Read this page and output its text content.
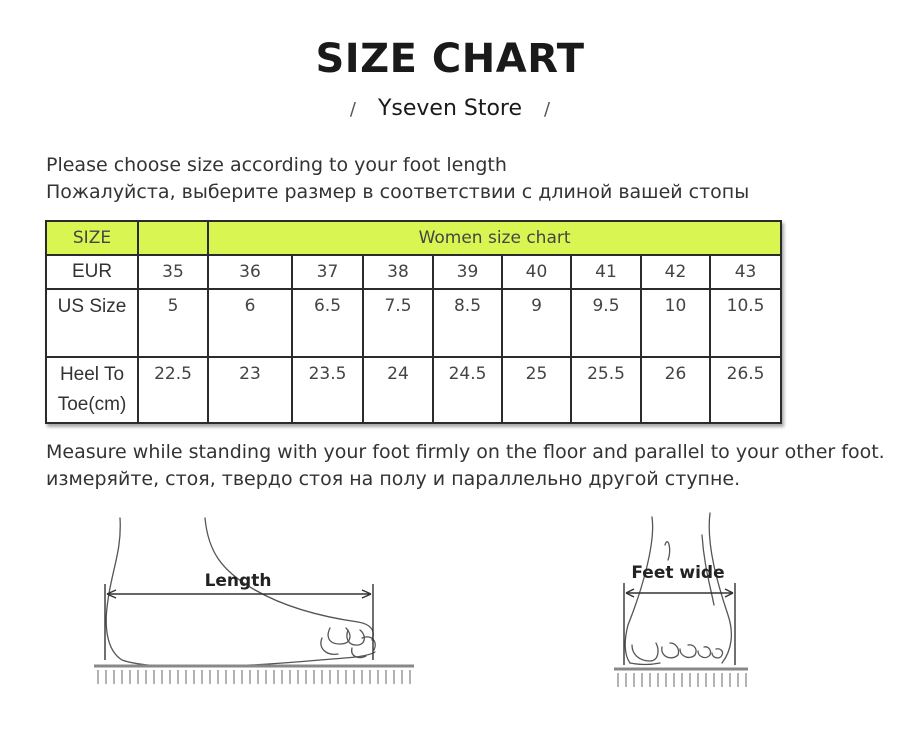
SIZE CHART
/ Yseven Store /
Please choose size according to your foot length
Пожалуйста, выберите размер в соответствии с длиной вашей стопы
SIZE		Women size chart							
EUR	35	36	37	38	39	40	41	42	43
US Size	5	6	6.5	7.5	8.5	9	9.5	10	10.5
Heel To
Toe(cm)	22.5	23	23.5	24	24.5	25	25.5	26	26.5
Measure while standing with your foot firmly on the floor and parallel to your other foot.
измеряйте, стоя, твердо стоя на полу и параллельно другой ступне.
Length	Feet wide
